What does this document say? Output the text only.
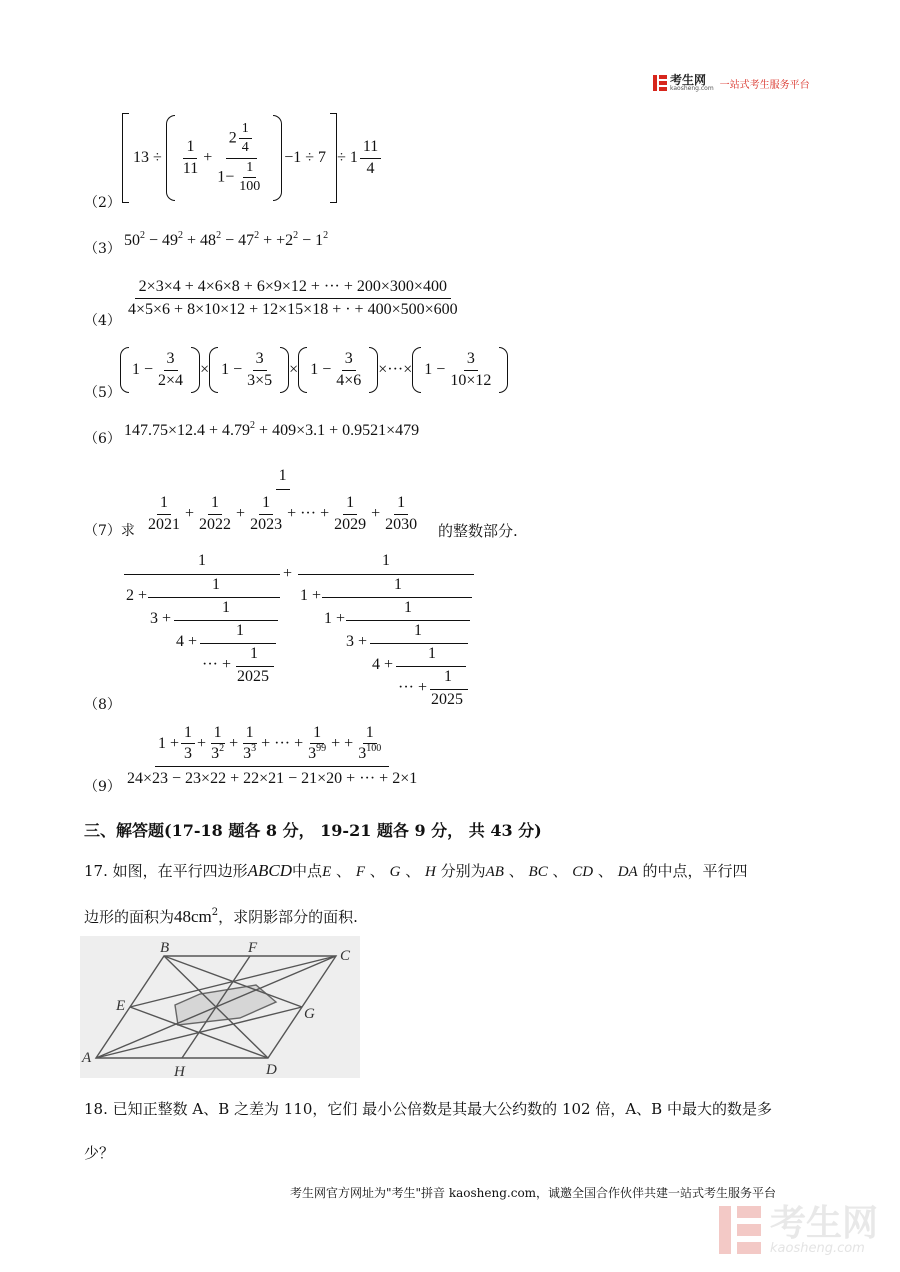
考生网
kaosheng.com 一站式考生服务平台
（2）
13
÷ $\frac{1}{11} + \frac{2 \frac{1}{4}}{1- \frac{1}{100}} -1 \div 7 \div 1 \frac{11}{4}$
（3） $50^2 - 49^2 + 48^2 - 47^2 + +2^2 - 1^2$
（4）
$\frac{2\times 3\times 4 + 4\times 6\times 8 + 6\times 9\times 12 + \cdot\cdot\cdot + 200\times 300\times 400}{4\times 5\times 6 + 8\times 10\times 12 + 12\times 15\times 18 + \cdot + 400\times 500\times 600}$
（5）
$1 - \frac{3}{2\times 4} \times 1 - \frac{3}{3\times 5} \times 1 - \frac{3}{4\times 6}$ ×···× $1 - \frac{3}{10\times 12}$
（6） $147.75\times 12.4 + 4.79^2 + 409\times 3.1 + 0.9521\times 479$
（7）求
1
$\frac{1}{2021} + \frac{1}{2022} + \frac{1}{2023}$ + ··· + $\frac{1}{2029} + \frac{1}{2030}$ 的整数部分.
（8）
1
2 +
1
3 +
1
4 +
1
··· +
1
2025
+
1
1 +
1
1 +
1
3 +
1
4 +
1
··· +
1
2025
（9）
$1 + \frac{1}{3} + \frac{1}{3^2} + \frac{1}{3^3}$ + ··· + $\frac{1}{3^{99}}$ + + $\frac{1}{3^{100}}$
24×23 − 23×22 + 22×21 − 21×20 + ··· + 2×1
三、解答题(17-18 题各 8 分， 19-21 题各 9 分， 共 43 分)
17. 如图，在平行四边形ABCD中点E 、 F 、 G 、 H 分别为AB 、 BC 、 CD 、 DA 的中点，平行四
边形的面积为$48cm^2$，求阴影部分的面积.
A
B	C
D
E
F
G
H
18. 已知正整数 A、B 之差为 110，它们 最小公倍数是其最大公约数的 102 倍，A、B 中最大的数是多
少？
考生网官方网址为"考生"拼音 kaosheng.com，诚邀全国合作伙伴共建一站式考生服务平台
考生网
kaosheng.com
